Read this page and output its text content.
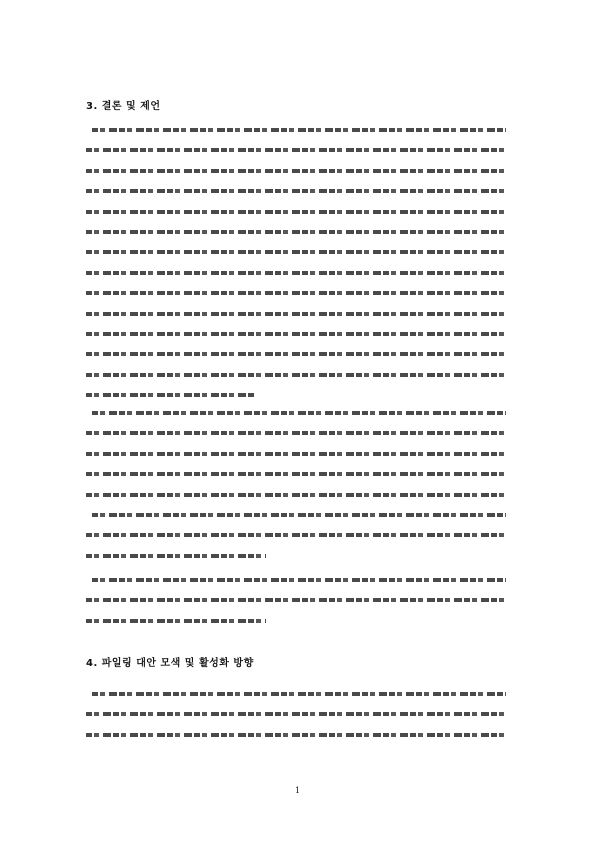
3. 결론 및 제언
4. 파일링 대안 모색 및 활성화 방향
1
